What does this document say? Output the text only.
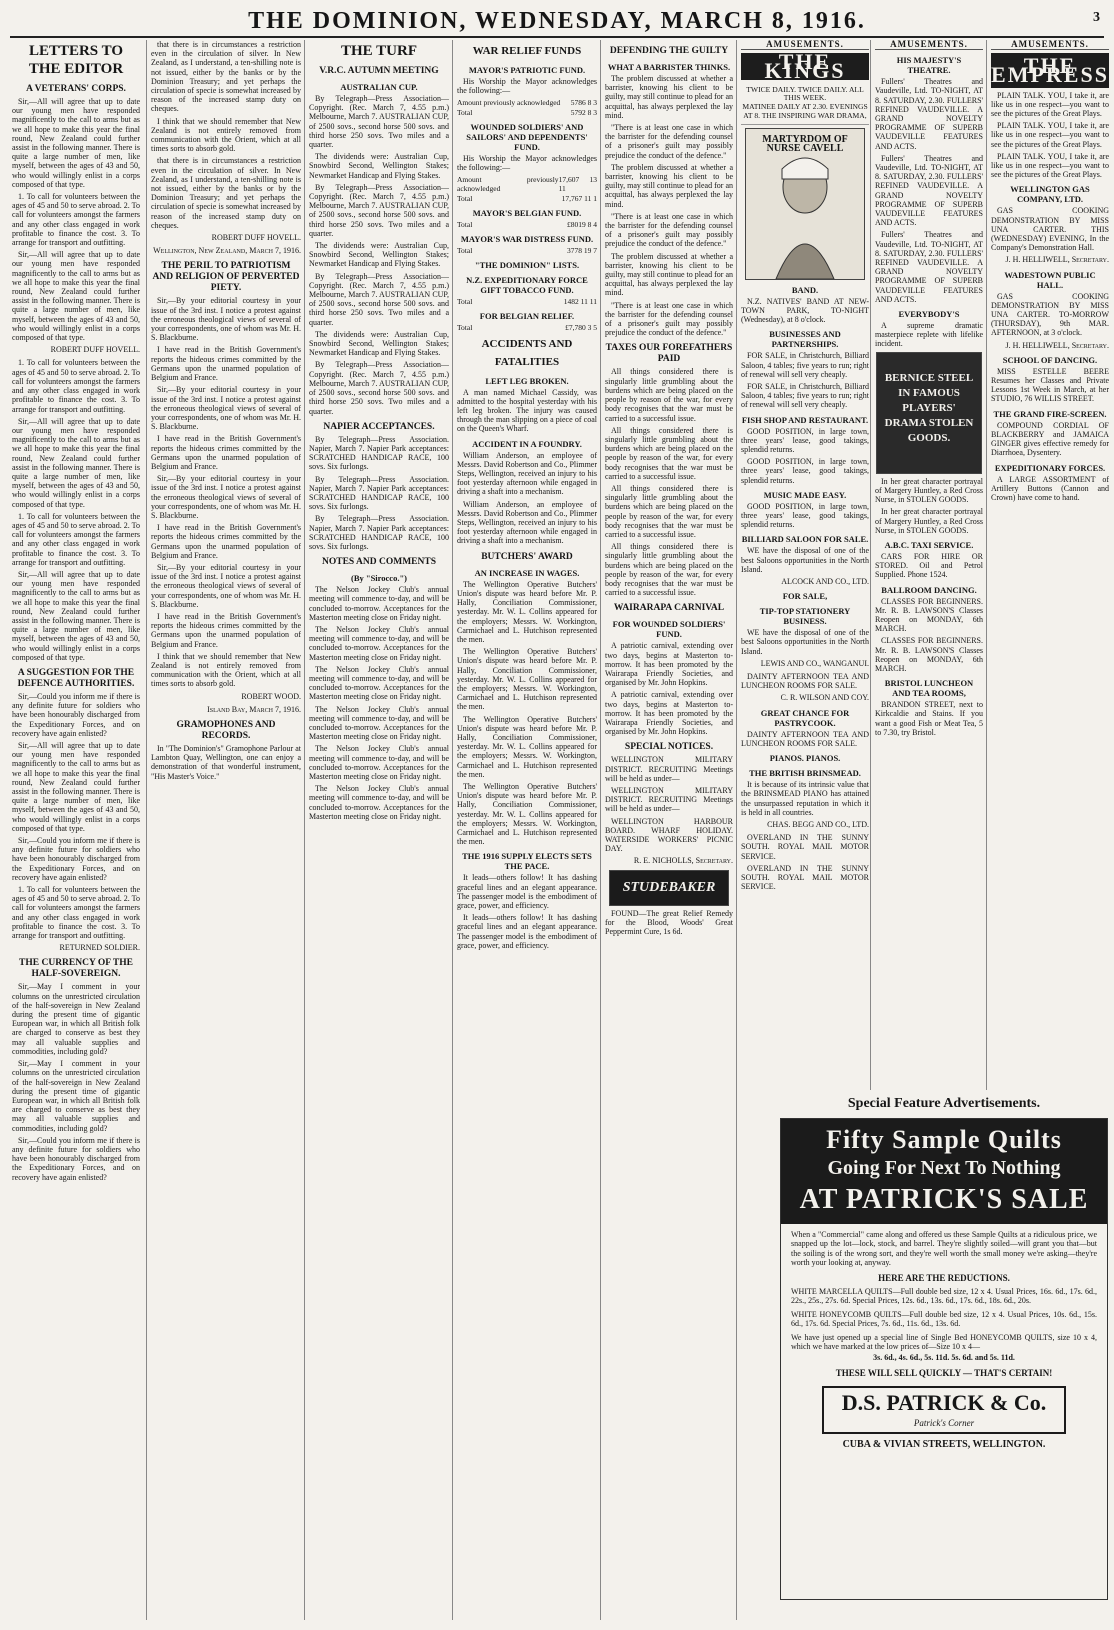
THE DOMINION, WEDNESDAY, MARCH 8, 1916.	3
LETTERS TO THE EDITOR
A VETERANS' CORPS.

Sir,—All will agree that up to date our young men have responded magnificently to the call to arms but as we all hope to make this year the final round, New Zealand could further assist in the following manner. There is quite a large number of men, like myself, between the ages of 43 and 50, who would willingly enlist in a corps composed of that type.

1. To call for volunteers between the ages of 45 and 50 to serve abroad. 2. To call for volunteers amongst the farmers and any other class engaged in work profitable to finance the cost. 3. To arrange for transport and outfitting.

Sir,—All will agree that up to date our young men have responded magnificently to the call to arms but as we all hope to make this year the final round, New Zealand could further assist in the following manner. There is quite a large number of men, like myself, between the ages of 43 and 50, who would willingly enlist in a corps composed of that type.

ROBERT DUFF HOVELL.

1. To call for volunteers between the ages of 45 and 50 to serve abroad. 2. To call for volunteers amongst the farmers and any other class engaged in work profitable to finance the cost. 3. To arrange for transport and outfitting.

Sir,—All will agree that up to date our young men have responded magnificently to the call to arms but as we all hope to make this year the final round, New Zealand could further assist in the following manner. There is quite a large number of men, like myself, between the ages of 43 and 50, who would willingly enlist in a corps composed of that type.

1. To call for volunteers between the ages of 45 and 50 to serve abroad. 2. To call for volunteers amongst the farmers and any other class engaged in work profitable to finance the cost. 3. To arrange for transport and outfitting.

Sir,—All will agree that up to date our young men have responded magnificently to the call to arms but as we all hope to make this year the final round, New Zealand could further assist in the following manner. There is quite a large number of men, like myself, between the ages of 43 and 50, who would willingly enlist in a corps composed of that type.

A SUGGESTION FOR THE DEFENCE AUTHORITIES.

Sir,—Could you inform me if there is any definite future for soldiers who have been honourably discharged from the Expeditionary Forces, and on recovery have again enlisted?

Sir,—All will agree that up to date our young men have responded magnificently to the call to arms but as we all hope to make this year the final round, New Zealand could further assist in the following manner. There is quite a large number of men, like myself, between the ages of 43 and 50, who would willingly enlist in a corps composed of that type.

Sir,—Could you inform me if there is any definite future for soldiers who have been honourably discharged from the Expeditionary Forces, and on recovery have again enlisted?

1. To call for volunteers between the ages of 45 and 50 to serve abroad. 2. To call for volunteers amongst the farmers and any other class engaged in work profitable to finance the cost. 3. To arrange for transport and outfitting.

RETURNED SOLDIER.
THE CURRENCY OF THE HALF-SOVEREIGN.

Sir,—May I comment in your columns on the unrestricted circulation of the half-sovereign in New Zealand during the present time of gigantic European war, in which all British folk are charged to conserve as best they may all valuable supplies and commodities, including gold?

Sir,—May I comment in your columns on the unrestricted circulation of the half-sovereign in New Zealand during the present time of gigantic European war, in which all British folk are charged to conserve as best they may all valuable supplies and commodities, including gold?

Sir,—Could you inform me if there is any definite future for soldiers who have been honourably discharged from the Expeditionary Forces, and on recovery have again enlisted?

that there is in circumstances a restriction even in the circulation of silver. In New Zealand, as I understand, a ten-shilling note is not issued, either by the banks or by the Dominion Treasury; and yet perhaps the circulation of specie is somewhat increased by reason of the increased stamp duty on cheques.

I think that we should remember that New Zealand is not entirely removed from communication with the Orient, which at all times sorts to absorb gold.

that there is in circumstances a restriction even in the circulation of silver. In New Zealand, as I understand, a ten-shilling note is not issued, either by the banks or by the Dominion Treasury; and yet perhaps the circulation of specie is somewhat increased by reason of the increased stamp duty on cheques.

ROBERT DUFF HOVELL.
Wellington, New Zealand, March 7, 1916.
THE PERIL TO PATRIOTISM AND RELIGION OF PERVERTED PIETY.

Sir,—By your editorial courtesy in your issue of the 3rd inst. I notice a protest against the erroneous theological views of several of your correspondents, one of whom was Mr. H. S. Blackburne.

I have read in the British Government's reports the hideous crimes committed by the Germans upon the unarmed population of Belgium and France.

Sir,—By your editorial courtesy in your issue of the 3rd inst. I notice a protest against the erroneous theological views of several of your correspondents, one of whom was Mr. H. S. Blackburne.

I have read in the British Government's reports the hideous crimes committed by the Germans upon the unarmed population of Belgium and France.

Sir,—By your editorial courtesy in your issue of the 3rd inst. I notice a protest against the erroneous theological views of several of your correspondents, one of whom was Mr. H. S. Blackburne.

I have read in the British Government's reports the hideous crimes committed by the Germans upon the unarmed population of Belgium and France.

Sir,—By your editorial courtesy in your issue of the 3rd inst. I notice a protest against the erroneous theological views of several of your correspondents, one of whom was Mr. H. S. Blackburne.

I have read in the British Government's reports the hideous crimes committed by the Germans upon the unarmed population of Belgium and France.

I think that we should remember that New Zealand is not entirely removed from communication with the Orient, which at all times sorts to absorb gold.

ROBERT WOOD.
Island Bay, March 7, 1916.
GRAMOPHONES AND RECORDS.

In "The Dominion's" Gramophone Parlour at Lambton Quay, Wellington, one can enjoy a demonstration of that wonderful instrument, "His Master's Voice."

THE TURF
V.R.C. AUTUMN MEETING
AUSTRALIAN CUP.

By Telegraph—Press Association—Copyright. (Rec. March 7, 4.55 p.m.) Melbourne, March 7. AUSTRALIAN CUP, of 2500 sovs., second horse 500 sovs. and third horse 250 sovs. Two miles and a quarter.

The dividends were: Australian Cup, Snowbird Second, Wellington Stakes; Newmarket Handicap and Flying Stakes.

By Telegraph—Press Association—Copyright. (Rec. March 7, 4.55 p.m.) Melbourne, March 7. AUSTRALIAN CUP, of 2500 sovs., second horse 500 sovs. and third horse 250 sovs. Two miles and a quarter.

The dividends were: Australian Cup, Snowbird Second, Wellington Stakes; Newmarket Handicap and Flying Stakes.

By Telegraph—Press Association—Copyright. (Rec. March 7, 4.55 p.m.) Melbourne, March 7. AUSTRALIAN CUP, of 2500 sovs., second horse 500 sovs. and third horse 250 sovs. Two miles and a quarter.

The dividends were: Australian Cup, Snowbird Second, Wellington Stakes; Newmarket Handicap and Flying Stakes.

By Telegraph—Press Association—Copyright. (Rec. March 7, 4.55 p.m.) Melbourne, March 7. AUSTRALIAN CUP, of 2500 sovs., second horse 500 sovs. and third horse 250 sovs. Two miles and a quarter.

NAPIER ACCEPTANCES.

By Telegraph—Press Association. Napier, March 7. Napier Park acceptances: SCRATCHED HANDICAP RACE, 100 sovs. Six furlongs.

By Telegraph—Press Association. Napier, March 7. Napier Park acceptances: SCRATCHED HANDICAP RACE, 100 sovs. Six furlongs.

By Telegraph—Press Association. Napier, March 7. Napier Park acceptances: SCRATCHED HANDICAP RACE, 100 sovs. Six furlongs.

NOTES AND COMMENTS
(By "Sirocco.")

The Nelson Jockey Club's annual meeting will commence to-day, and will be concluded to-morrow. Acceptances for the Masterton meeting close on Friday night.

The Nelson Jockey Club's annual meeting will commence to-day, and will be concluded to-morrow. Acceptances for the Masterton meeting close on Friday night.

The Nelson Jockey Club's annual meeting will commence to-day, and will be concluded to-morrow. Acceptances for the Masterton meeting close on Friday night.

The Nelson Jockey Club's annual meeting will commence to-day, and will be concluded to-morrow. Acceptances for the Masterton meeting close on Friday night.

The Nelson Jockey Club's annual meeting will commence to-day, and will be concluded to-morrow. Acceptances for the Masterton meeting close on Friday night.

The Nelson Jockey Club's annual meeting will commence to-day, and will be concluded to-morrow. Acceptances for the Masterton meeting close on Friday night.

WAR RELIEF FUNDS
MAYOR'S PATRIOTIC FUND.

His Worship the Mayor acknowledges the following:—

Amount previously acknowledged 5786 8 3
Total	5792 8 3
WOUNDED SOLDIERS' AND SAILORS' AND DEPENDENTS' FUND.

His Worship the Mayor acknowledges the following:—

Amount previously acknowledged
17,607 13 11
Total	17,767 11 1
MAYOR'S BELGIAN FUND.
Total	£8019 8 4
MAYOR'S WAR DISTRESS FUND.
Total	3778 19 7
"THE DOMINION" LISTS.
N.Z. EXPEDITIONARY FORCE GIFT TOBACCO FUND.
Total	1482 11 11
FOR BELGIAN RELIEF.
Total	£7,780 3 5
ACCIDENTS AND FATALITIES
LEFT LEG BROKEN.

A man named Michael Cassidy, was admitted to the hospital yesterday with his left leg broken. The injury was caused through the man slipping on a piece of coal on the Queen's Wharf.

ACCIDENT IN A FOUNDRY.

William Anderson, an employee of Messrs. David Robertson and Co., Plimmer Steps, Wellington, received an injury to his foot yesterday afternoon while engaged in driving a shaft into a mechanism.

William Anderson, an employee of Messrs. David Robertson and Co., Plimmer Steps, Wellington, received an injury to his foot yesterday afternoon while engaged in driving a shaft into a mechanism.

BUTCHERS' AWARD
AN INCREASE IN WAGES.

The Wellington Operative Butchers' Union's dispute was heard before Mr. P. Hally, Conciliation Commissioner, yesterday. Mr. W. L. Collins appeared for the employers; Messrs. W. Workington, Carmichael and L. Hutchison represented the men.

The Wellington Operative Butchers' Union's dispute was heard before Mr. P. Hally, Conciliation Commissioner, yesterday. Mr. W. L. Collins appeared for the employers; Messrs. W. Workington, Carmichael and L. Hutchison represented the men.

The Wellington Operative Butchers' Union's dispute was heard before Mr. P. Hally, Conciliation Commissioner, yesterday. Mr. W. L. Collins appeared for the employers; Messrs. W. Workington, Carmichael and L. Hutchison represented the men.

The Wellington Operative Butchers' Union's dispute was heard before Mr. P. Hally, Conciliation Commissioner, yesterday. Mr. W. L. Collins appeared for the employers; Messrs. W. Workington, Carmichael and L. Hutchison represented the men.

THE 1916 SUPPLY ELECTS SETS THE PACE.

It leads—others follow! It has dashing graceful lines and an elegant appearance. The passenger model is the embodiment of grace, power, and efficiency.

It leads—others follow! It has dashing graceful lines and an elegant appearance. The passenger model is the embodiment of grace, power, and efficiency.

DEFENDING THE GUILTY
WHAT A BARRISTER THINKS.

The problem discussed at whether a barrister, knowing his client to be guilty, may still continue to plead for an acquittal, has always perplexed the lay mind.

"There is at least one case in which the barrister for the defending counsel of a prisoner's guilt may possibly prejudice the conduct of the defence."

The problem discussed at whether a barrister, knowing his client to be guilty, may still continue to plead for an acquittal, has always perplexed the lay mind.

"There is at least one case in which the barrister for the defending counsel of a prisoner's guilt may possibly prejudice the conduct of the defence."

The problem discussed at whether a barrister, knowing his client to be guilty, may still continue to plead for an acquittal, has always perplexed the lay mind.

"There is at least one case in which the barrister for the defending counsel of a prisoner's guilt may possibly prejudice the conduct of the defence."

TAXES OUR FOREFATHERS PAID

All things considered there is singularly little grumbling about the burdens which are being placed on the people by reason of the war, for every body recognises that the war must be carried to a successful issue.

All things considered there is singularly little grumbling about the burdens which are being placed on the people by reason of the war, for every body recognises that the war must be carried to a successful issue.

All things considered there is singularly little grumbling about the burdens which are being placed on the people by reason of the war, for every body recognises that the war must be carried to a successful issue.

All things considered there is singularly little grumbling about the burdens which are being placed on the people by reason of the war, for every body recognises that the war must be carried to a successful issue.

WAIRARAPA CARNIVAL
FOR WOUNDED SOLDIERS' FUND.

A patriotic carnival, extending over two days, begins at Masterton to-morrow. It has been promoted by the Wairarapa Friendly Societies, and organised by Mr. John Hopkins.

A patriotic carnival, extending over two days, begins at Masterton to-morrow. It has been promoted by the Wairarapa Friendly Societies, and organised by Mr. John Hopkins.

SPECIAL NOTICES.

WELLINGTON MILITARY DISTRICT. RECRUITING Meetings will be held as under—

WELLINGTON MILITARY DISTRICT. RECRUITING Meetings will be held as under—

WELLINGTON HARBOUR BOARD. WHARF HOLIDAY. WATERSIDE WORKERS' PICNIC DAY.

R. E. NICHOLLS, Secretary.
STUDEBAKER

FOUND—The great Relief Remedy for the Blood, Woods' Great Peppermint Cure, 1s 6d.

AMUSEMENTS.
THE KINGS
TWICE DAILY. TWICE DAILY. ALL THIS WEEK.
MATINEE DAILY AT 2.30. EVENINGS AT 8. THE INSPIRING WAR DRAMA,
MARTYRDOM OF NURSE CAVELL
BAND.

N.Z. NATIVES' BAND AT NEW-TOWN PARK, TO-NIGHT (Wednesday), at 8 o'clock.

BUSINESSES AND PARTNERSHIPS.

FOR SALE, in Christchurch, Billiard Saloon, 4 tables; five years to run; right of renewal will sell very cheaply.

FOR SALE, in Christchurch, Billiard Saloon, 4 tables; five years to run; right of renewal will sell very cheaply.

FISH SHOP AND RESTAURANT.

GOOD POSITION, in large town, three years' lease, good takings, splendid returns.

GOOD POSITION, in large town, three years' lease, good takings, splendid returns.

MUSIC MADE EASY.

GOOD POSITION, in large town, three years' lease, good takings, splendid returns.

BILLIARD SALOON FOR SALE.

WE have the disposal of one of the best Saloons opportunities in the North Island.

ALCOCK AND CO., LTD.
FOR SALE,
TIP-TOP STATIONERY BUSINESS.

WE have the disposal of one of the best Saloons opportunities in the North Island.

LEWIS AND CO., WANGANUI.

DAINTY AFTERNOON TEA AND LUNCHEON ROOMS FOR SALE.

C. R. WILSON AND COY.
GREAT CHANCE FOR PASTRYCOOK.

DAINTY AFTERNOON TEA AND LUNCHEON ROOMS FOR SALE.

PIANOS. PIANOS.
THE BRITISH BRINSMEAD.

It is because of its intrinsic value that the BRINSMEAD PIANO has attained the unsurpassed reputation in which it is held in all countries.

CHAS. BEGG AND CO., LTD.

OVERLAND IN THE SUNNY SOUTH. ROYAL MAIL MOTOR SERVICE.

OVERLAND IN THE SUNNY SOUTH. ROYAL MAIL MOTOR SERVICE.

AMUSEMENTS.
HIS MAJESTY'S THEATRE.

Fullers' Theatres and Vaudeville, Ltd. TO-NIGHT, AT 8. SATURDAY, 2.30. FULLERS' REFINED VAUDEVILLE. A GRAND NOVELTY PROGRAMME OF SUPERB VAUDEVILLE FEATURES AND ACTS.

Fullers' Theatres and Vaudeville, Ltd. TO-NIGHT, AT 8. SATURDAY, 2.30. FULLERS' REFINED VAUDEVILLE. A GRAND NOVELTY PROGRAMME OF SUPERB VAUDEVILLE FEATURES AND ACTS.

Fullers' Theatres and Vaudeville, Ltd. TO-NIGHT, AT 8. SATURDAY, 2.30. FULLERS' REFINED VAUDEVILLE. A GRAND NOVELTY PROGRAMME OF SUPERB VAUDEVILLE FEATURES AND ACTS.

EVERYBODY'S

A supreme dramatic masterpiece replete with lifelike incident.

BERNICE STEEL IN FAMOUS PLAYERS' DRAMA STOLEN GOODS.

In her great character portrayal of Margery Huntley, a Red Cross Nurse, in STOLEN GOODS.

In her great character portrayal of Margery Huntley, a Red Cross Nurse, in STOLEN GOODS.

A.B.C. TAXI SERVICE.

CARS FOR HIRE OR STORED. Oil and Petrol Supplied. Phone 1524.

BALLROOM DANCING.

CLASSES FOR BEGINNERS. Mr. R. B. LAWSON'S Classes Reopen on MONDAY, 6th MARCH.

CLASSES FOR BEGINNERS. Mr. R. B. LAWSON'S Classes Reopen on MONDAY, 6th MARCH.

BRISTOL LUNCHEON AND TEA ROOMS,

BRANDON STREET, next to Kirkcaldie and Stains. If you want a good Fish or Meat Tea, 5 to 7.30, try Bristol.

AMUSEMENTS.
THE EMPRESS

PLAIN TALK. YOU, I take it, are like us in one respect—you want to see the pictures of the Great Plays.

PLAIN TALK. YOU, I take it, are like us in one respect—you want to see the pictures of the Great Plays.

PLAIN TALK. YOU, I take it, are like us in one respect—you want to see the pictures of the Great Plays.

WELLINGTON GAS COMPANY, LTD.

GAS COOKING DEMONSTRATION BY MISS UNA CARTER. THIS (WEDNESDAY) EVENING, In the Company's Demonstration Hall.

J. H. HELLIWELL, Secretary.
WADESTOWN PUBLIC HALL.

GAS COOKING DEMONSTRATION BY MISS UNA CARTER. TO-MORROW (THURSDAY), 9th MAR. AFTERNOON, at 3 o'clock.

J. H. HELLIWELL, Secretary.
SCHOOL OF DANCING.

MISS ESTELLE BEERE Resumes her Classes and Private Lessons 1st Week in March, at her STUDIO, 76 WILLIS STREET.

THE GRAND FIRE-SCREEN.

COMPOUND CORDIAL OF BLACKBERRY and JAMAICA GINGER gives effective remedy for Diarrhoea, Dysentery.

EXPEDITIONARY FORCES.

A LARGE ASSORTMENT of Artillery Buttons (Cannon and Crown) have come to hand.

Special Feature Advertisements.
Fifty Sample Quilts
Going For Next To Nothing
AT PATRICK'S SALE

When a "Commercial" came along and offered us these Sample Quilts at a ridiculous price, we snapped up the lot—lock, stock, and barrel. They're slightly soiled—will grant you that—but the soiling is of the wrong sort, and they're well worth the small money we're asking—they're worth your looking at, anyway.

HERE ARE THE REDUCTIONS.

WHITE MARCELLA QUILTS—Full double bed size, 12 x 4. Usual Prices, 16s. 6d., 17s. 6d., 22s., 25s., 27s. 6d. Special Prices, 12s. 6d., 13s. 6d., 17s. 6d., 18s. 6d., 20s.

WHITE HONEYCOMB QUILTS—Full double bed size, 12 x 4. Usual Prices, 10s. 6d., 15s. 6d., 17s. 6d. Special Prices, 7s. 6d., 11s. 6d., 13s. 6d.

We have just opened up a special line of Single Bed HONEYCOMB QUILTS, size 10 x 4, which we have marked at the low prices of—Size 10 x 4—

3s. 6d., 4s. 6d., 5s. 11d. 5s. 6d. and 5s. 11d.
THESE WILL SELL QUICKLY — THAT'S CERTAIN!
D.S. PATRICK & Co.
Patrick's Corner
CUBA & VIVIAN STREETS, WELLINGTON.
